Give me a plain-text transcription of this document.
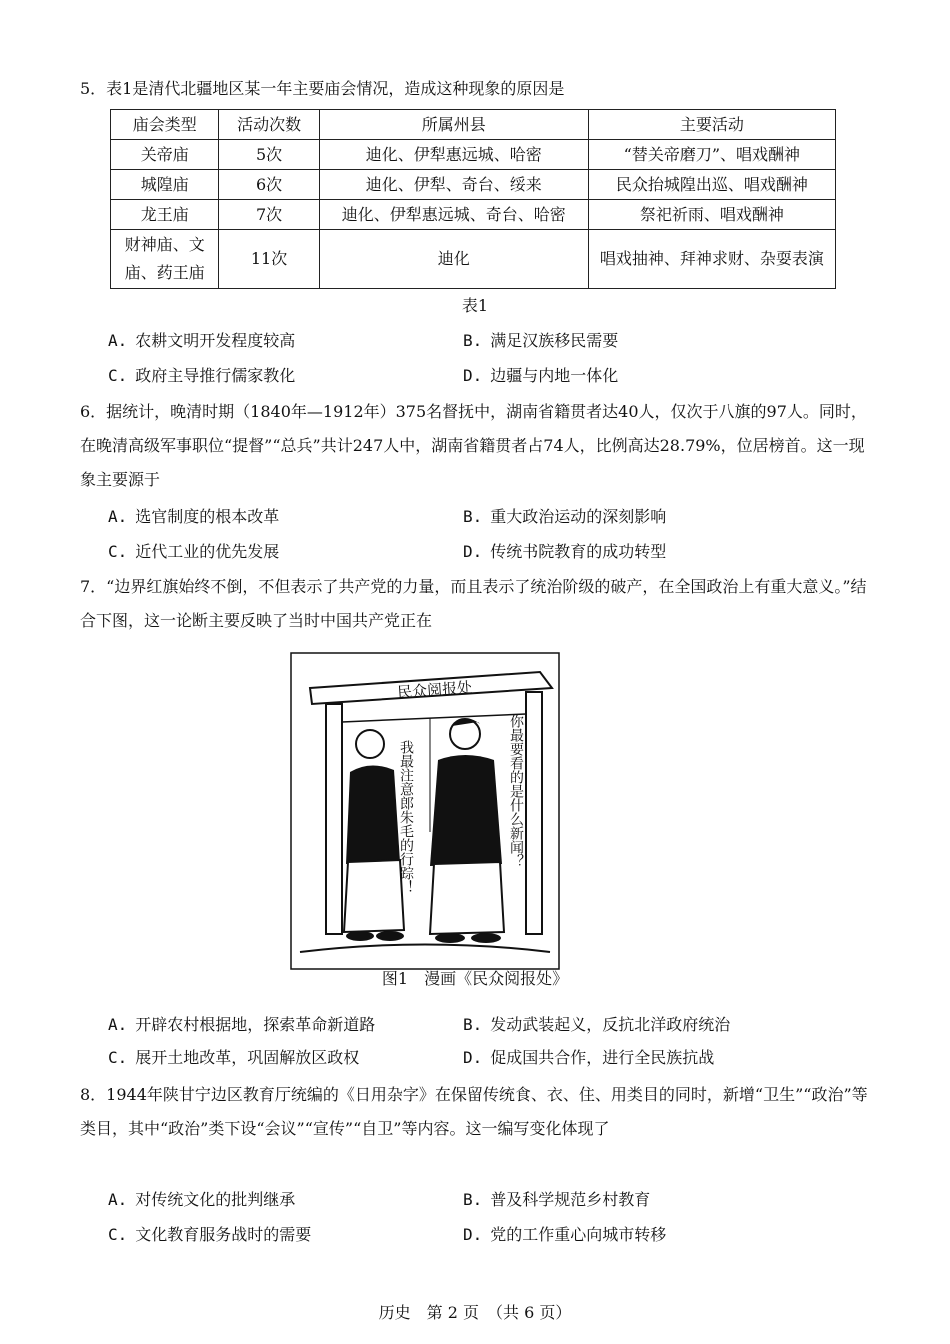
5．表1是清代北疆地区某一年主要庙会情况，造成这种现象的原因是
庙会类型	活动次数	所属州县	主要活动
关帝庙	5次	迪化、伊犁惠远城、哈密	“替关帝磨刀”、唱戏酬神
城隍庙	6次	迪化、伊犁、奇台、绥来	民众抬城隍出巡、唱戏酬神
龙王庙	7次	迪化、伊犁惠远城、奇台、哈密	祭祀祈雨、唱戏酬神
财神庙、文庙、药王庙	11次	迪化	唱戏抽神、拜神求财、杂耍表演
表1
A. 农耕文明开发程度较高	B. 满足汉族移民需要
C. 政府主导推行儒家教化	D. 边疆与内地一体化
6．据统计，晚清时期（1840年—1912年）375名督抚中，湖南省籍贯者达40人，仅次于八旗的97人。同时，在晚清高级军事职位“提督”“总兵”共计247人中，湖南省籍贯者占74人，比例高达28.79%，位居榜首。这一现象主要源于
A. 选官制度的根本改革	B. 重大政治运动的深刻影响
C. 近代工业的优先发展	D. 传统书院教育的成功转型
7．“边界红旗始终不倒，不但表示了共产党的力量，而且表示了统治阶级的破产，在全国政治上有重大意义。”结合下图，这一论断主要反映了当时中国共产党正在
民众阅报处
我最注意郎朱毛的行踪！	你最要看的是什么新闻？
图1　漫画《民众阅报处》
A. 开辟农村根据地，探索革命新道路	B. 发动武装起义，反抗北洋政府统治
C. 展开土地改革，巩固解放区政权	D. 促成国共合作，进行全民族抗战
8．1944年陕甘宁边区教育厅统编的《日用杂字》在保留传统食、衣、住、用类目的同时，新增“卫生”“政治”等类目，其中“政治”类下设“会议”“宣传”“自卫”等内容。这一编写变化体现了
A. 对传统文化的批判继承	B. 普及科学规范乡村教育
C. 文化教育服务战时的需要	D. 党的工作重心向城市转移
历史　第 2 页　（共 6 页）
